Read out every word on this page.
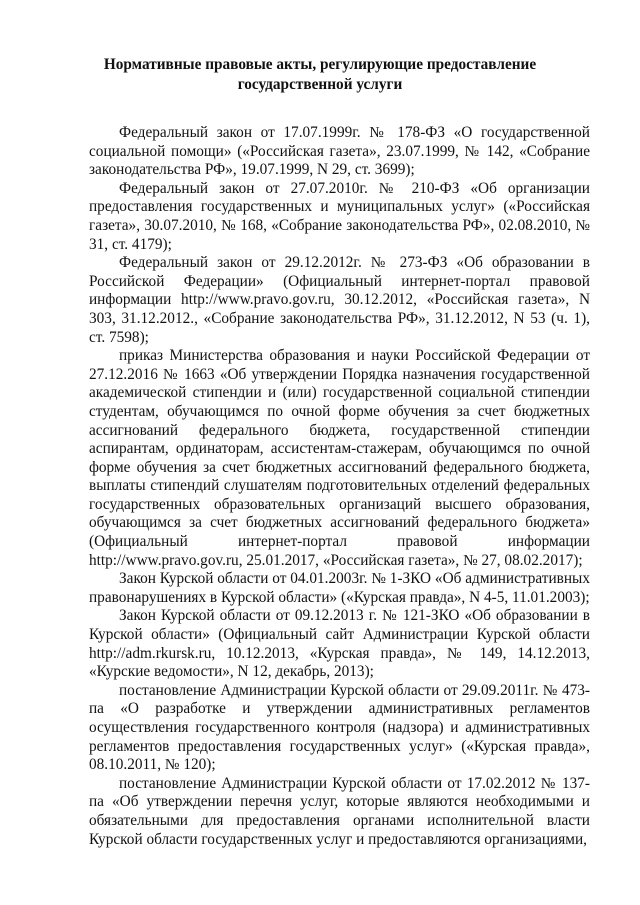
Нормативные правовые акты, регулирующие предоставление
государственной услуги

Федеральный закон от 17.07.1999г. № 178-ФЗ «О государственной социальной помощи» («Российская газета», 23.07.1999, № 142, «Собрание законодательства РФ», 19.07.1999, N 29, ст. 3699);

Федеральный закон от 27.07.2010г. № 210-ФЗ «Об организации предоставления государственных и муниципальных услуг» («Российская газета», 30.07.2010, № 168, «Собрание законодательства РФ», 02.08.2010, № 31, ст. 4179);

Федеральный закон от 29.12.2012г. № 273-ФЗ «Об образовании в Российской Федерации» (Официальный интернет-портал правовой информации http://www.pravo.gov.ru, 30.12.2012, «Российская газета», N 303, 31.12.2012., «Собрание законодательства РФ», 31.12.2012, N 53 (ч. 1), ст. 7598);

приказ Министерства образования и науки Российской Федерации от 27.12.2016 № 1663 «Об утверждении Порядка назначения государственной академической стипендии и (или) государственной социальной стипендии студентам, обучающимся по очной форме обучения за счет бюджетных ассигнований федерального бюджета, государственной стипендии аспирантам, ординаторам, ассистентам-стажерам, обучающимся по очной форме обучения за счет бюджетных ассигнований федерального бюджета, выплаты стипендий слушателям подготовительных отделений федеральных государственных образовательных организаций высшего образования, обучающимся за счет бюджетных ассигнований федерального бюджета» (Официальный интернет-портал правовой информации http://www.pravo.gov.ru, 25.01.2017, «Российская газета», № 27, 08.02.2017);

Закон Курской области от 04.01.2003г. № 1-ЗКО «Об административных правонарушениях в Курской области» («Курская правда», N 4-5, 11.01.2003);

Закон Курской области от 09.12.2013 г. № 121-ЗКО «Об образовании в Курской области» (Официальный сайт Администрации Курской области http://adm.rkursk.ru, 10.12.2013, «Курская правда», № 149, 14.12.2013, «Курские ведомости», N 12, декабрь, 2013);

постановление Администрации Курской области от 29.09.2011г. № 473-па «О разработке и утверждении административных регламентов осуществления государственного контроля (надзора) и административных регламентов предоставления государственных услуг» («Курская правда», 08.10.2011, № 120);

постановление Администрации Курской области от 17.02.2012 № 137-па «Об утверждении перечня услуг, которые являются необходимыми и обязательными для предоставления органами исполнительной власти Курской области государственных услуг и предоставляются организациями,
